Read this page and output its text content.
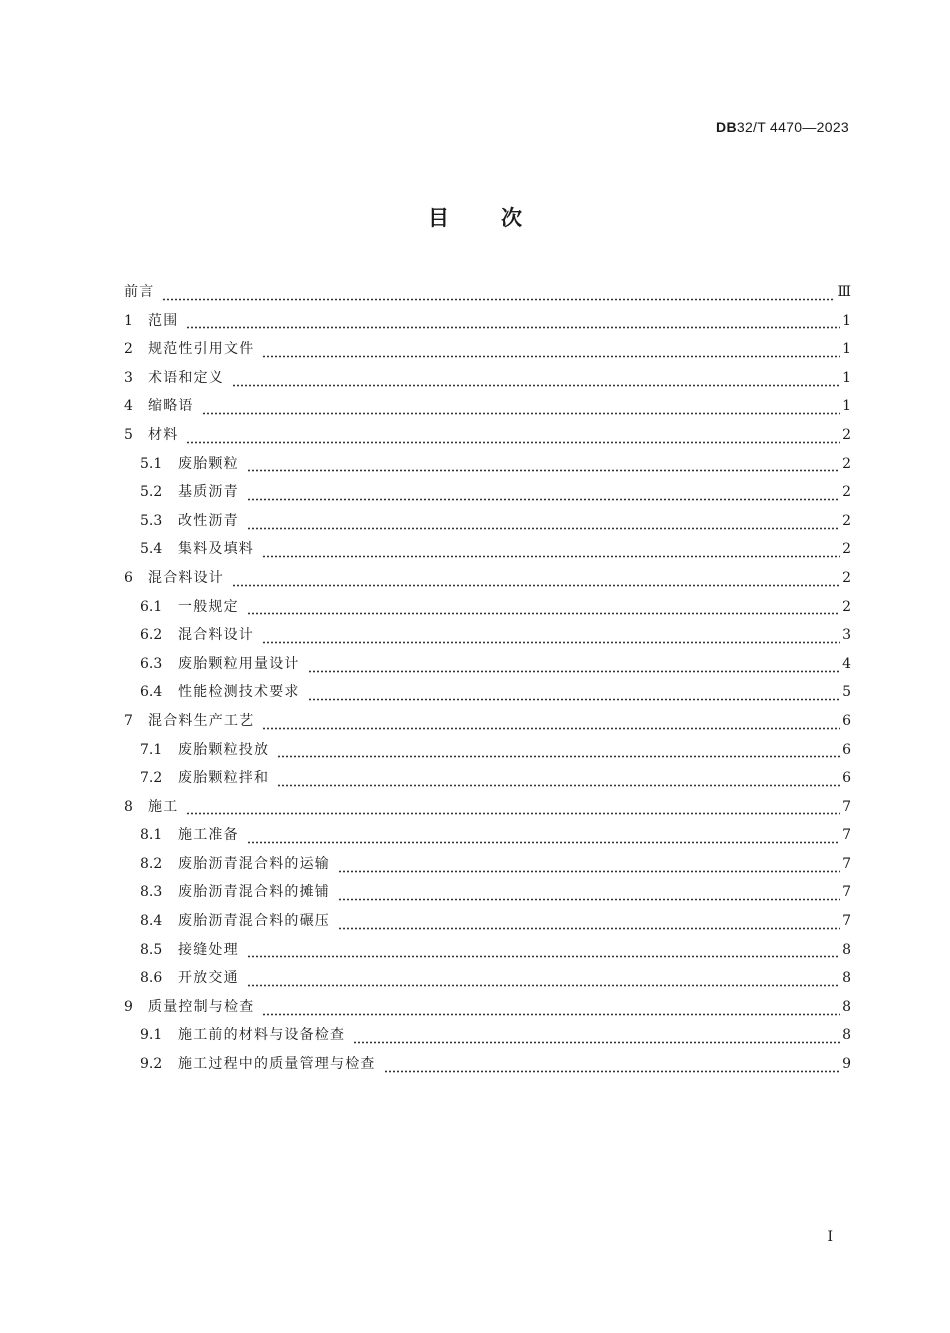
DB32/T 4470—2023
目次
前言	Ⅲ
1	范围	1
2	规范性引用文件	1
3	术语和定义	1
4	缩略语	1
5	材料	2
5.1	废胎颗粒	2
5.2	基质沥青	2
5.3	改性沥青	2
5.4	集料及填料	2
6	混合料设计	2
6.1	一般规定	2
6.2	混合料设计	3
6.3	废胎颗粒用量设计	4
6.4	性能检测技术要求	5
7	混合料生产工艺	6
7.1	废胎颗粒投放	6
7.2	废胎颗粒拌和	6
8	施工	7
8.1	施工准备	7
8.2	废胎沥青混合料的运输	7
8.3	废胎沥青混合料的摊铺	7
8.4	废胎沥青混合料的碾压	7
8.5	接缝处理	8
8.6	开放交通	8
9	质量控制与检查	8
9.1	施工前的材料与设备检查	8
9.2	施工过程中的质量管理与检查	9
I
